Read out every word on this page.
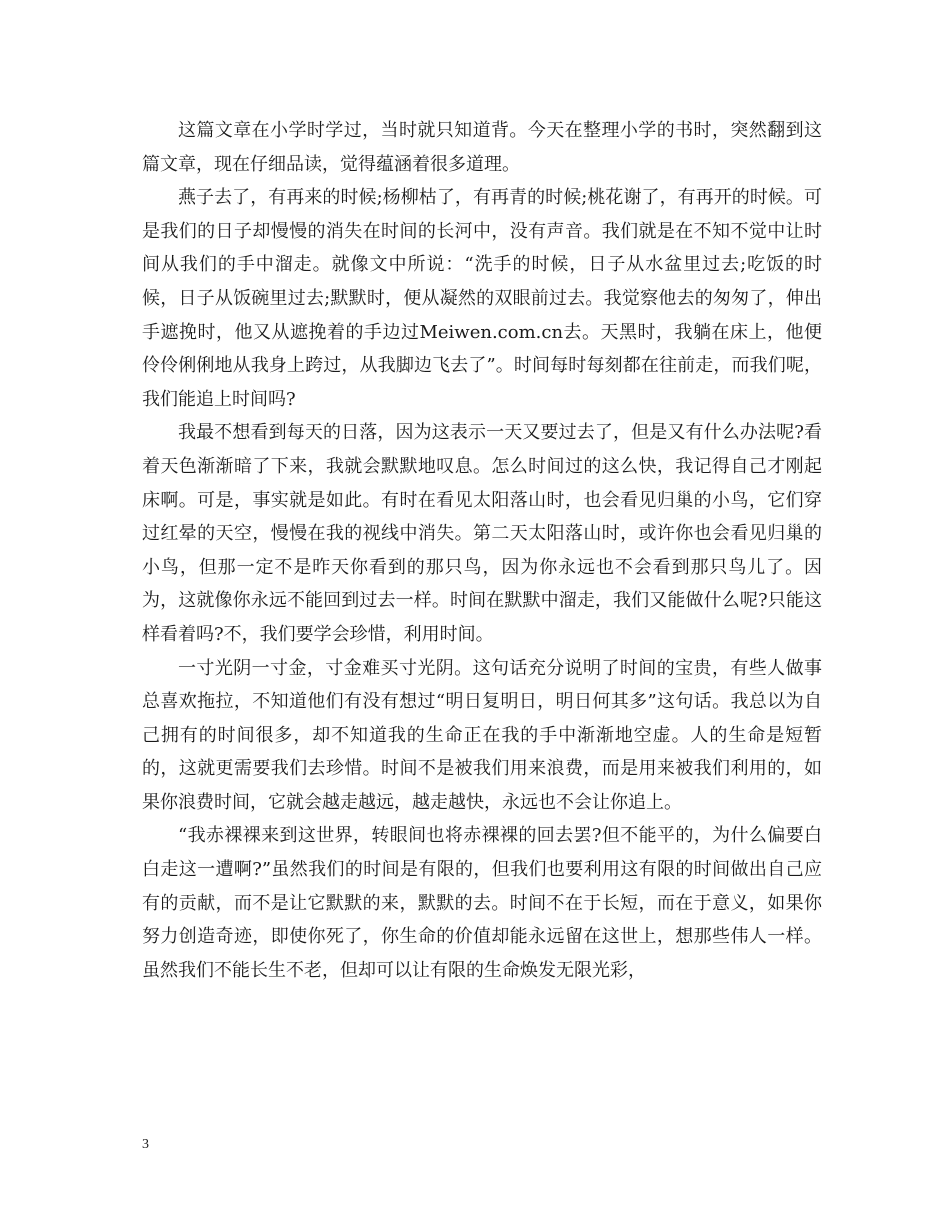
这篇文章在小学时学过，当时就只知道背。今天在整理小学的书时，突然翻到这篇文章，现在仔细品读，觉得蕴涵着很多道理。

燕子去了，有再来的时候;杨柳枯了，有再青的时候;桃花谢了，有再开的时候。可是我们的日子却慢慢的消失在时间的长河中，没有声音。我们就是在不知不觉中让时间从我们的手中溜走。就像文中所说：“洗手的时候，日子从水盆里过去;吃饭的时候，日子从饭碗里过去;默默时，便从凝然的双眼前过去。我觉察他去的匆匆了，伸出手遮挽时，他又从遮挽着的手边过Meiwen.com.cn去。天黑时，我躺在床上，他便伶伶俐俐地从我身上跨过，从我脚边飞去了”。时间每时每刻都在往前走，而我们呢，我们能追上时间吗?

我最不想看到每天的日落，因为这表示一天又要过去了，但是又有什么办法呢?看着天色渐渐暗了下来，我就会默默地叹息。怎么时间过的这么快，我记得自己才刚起床啊。可是，事实就是如此。有时在看见太阳落山时，也会看见归巢的小鸟，它们穿过红晕的天空，慢慢在我的视线中消失。第二天太阳落山时，或许你也会看见归巢的小鸟，但那一定不是昨天你看到的那只鸟，因为你永远也不会看到那只鸟儿了。因为，这就像你永远不能回到过去一样。时间在默默中溜走，我们又能做什么呢?只能这样看着吗?不，我们要学会珍惜，利用时间。

一寸光阴一寸金，寸金难买寸光阴。这句话充分说明了时间的宝贵，有些人做事总喜欢拖拉，不知道他们有没有想过“明日复明日，明日何其多”这句话。我总以为自己拥有的时间很多，却不知道我的生命正在我的手中渐渐地空虚。人的生命是短暂的，这就更需要我们去珍惜。时间不是被我们用来浪费，而是用来被我们利用的，如果你浪费时间，它就会越走越远，越走越快，永远也不会让你追上。

“我赤裸裸来到这世界，转眼间也将赤裸裸的回去罢?但不能平的，为什么偏要白白走这一遭啊?”虽然我们的时间是有限的，但我们也要利用这有限的时间做出自己应有的贡献，而不是让它默默的来，默默的去。时间不在于长短，而在于意义，如果你努力创造奇迹，即使你死了，你生命的价值却能永远留在这世上，想那些伟人一样。虽然我们不能长生不老，但却可以让有限的生命焕发无限光彩，

3
